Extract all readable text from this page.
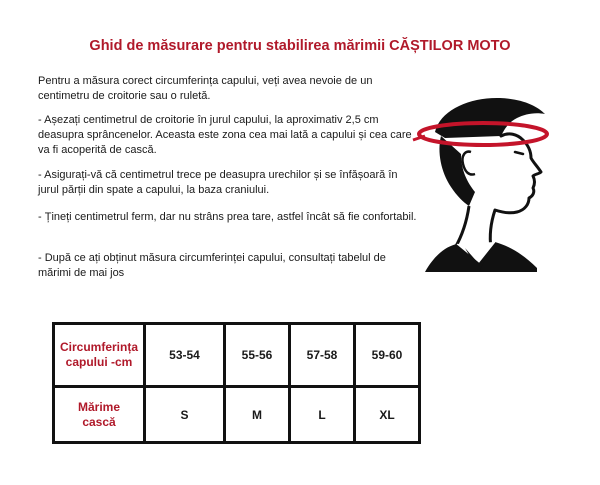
Ghid de măsurare pentru stabilirea mărimii CĂȘTILOR MOTO

Pentru a măsura corect circumferința capului, veți avea nevoie de un centimetru de croitorie sau o ruletă.

- Așezați centimetrul de croitorie în jurul capului, la aproximativ 2,5 cm deasupra sprâncenelor. Aceasta este zona cea mai lată a capului și cea care va fi acoperită de cască.

- Asigurați-vă că centimetrul trece pe deasupra urechilor și se înfășoară în jurul părții din spate a capului, la baza craniului.

- Țineți centimetrul ferm, dar nu strâns prea tare, astfel încât să fie confortabil.

- După ce ați obținut măsura circumferinței capului, consultați tabelul de mărimi de mai jos

Circumferința
capului -cm	53-54	55-56	57-58	59-60

Mărime
cască	S	M	L	XL
